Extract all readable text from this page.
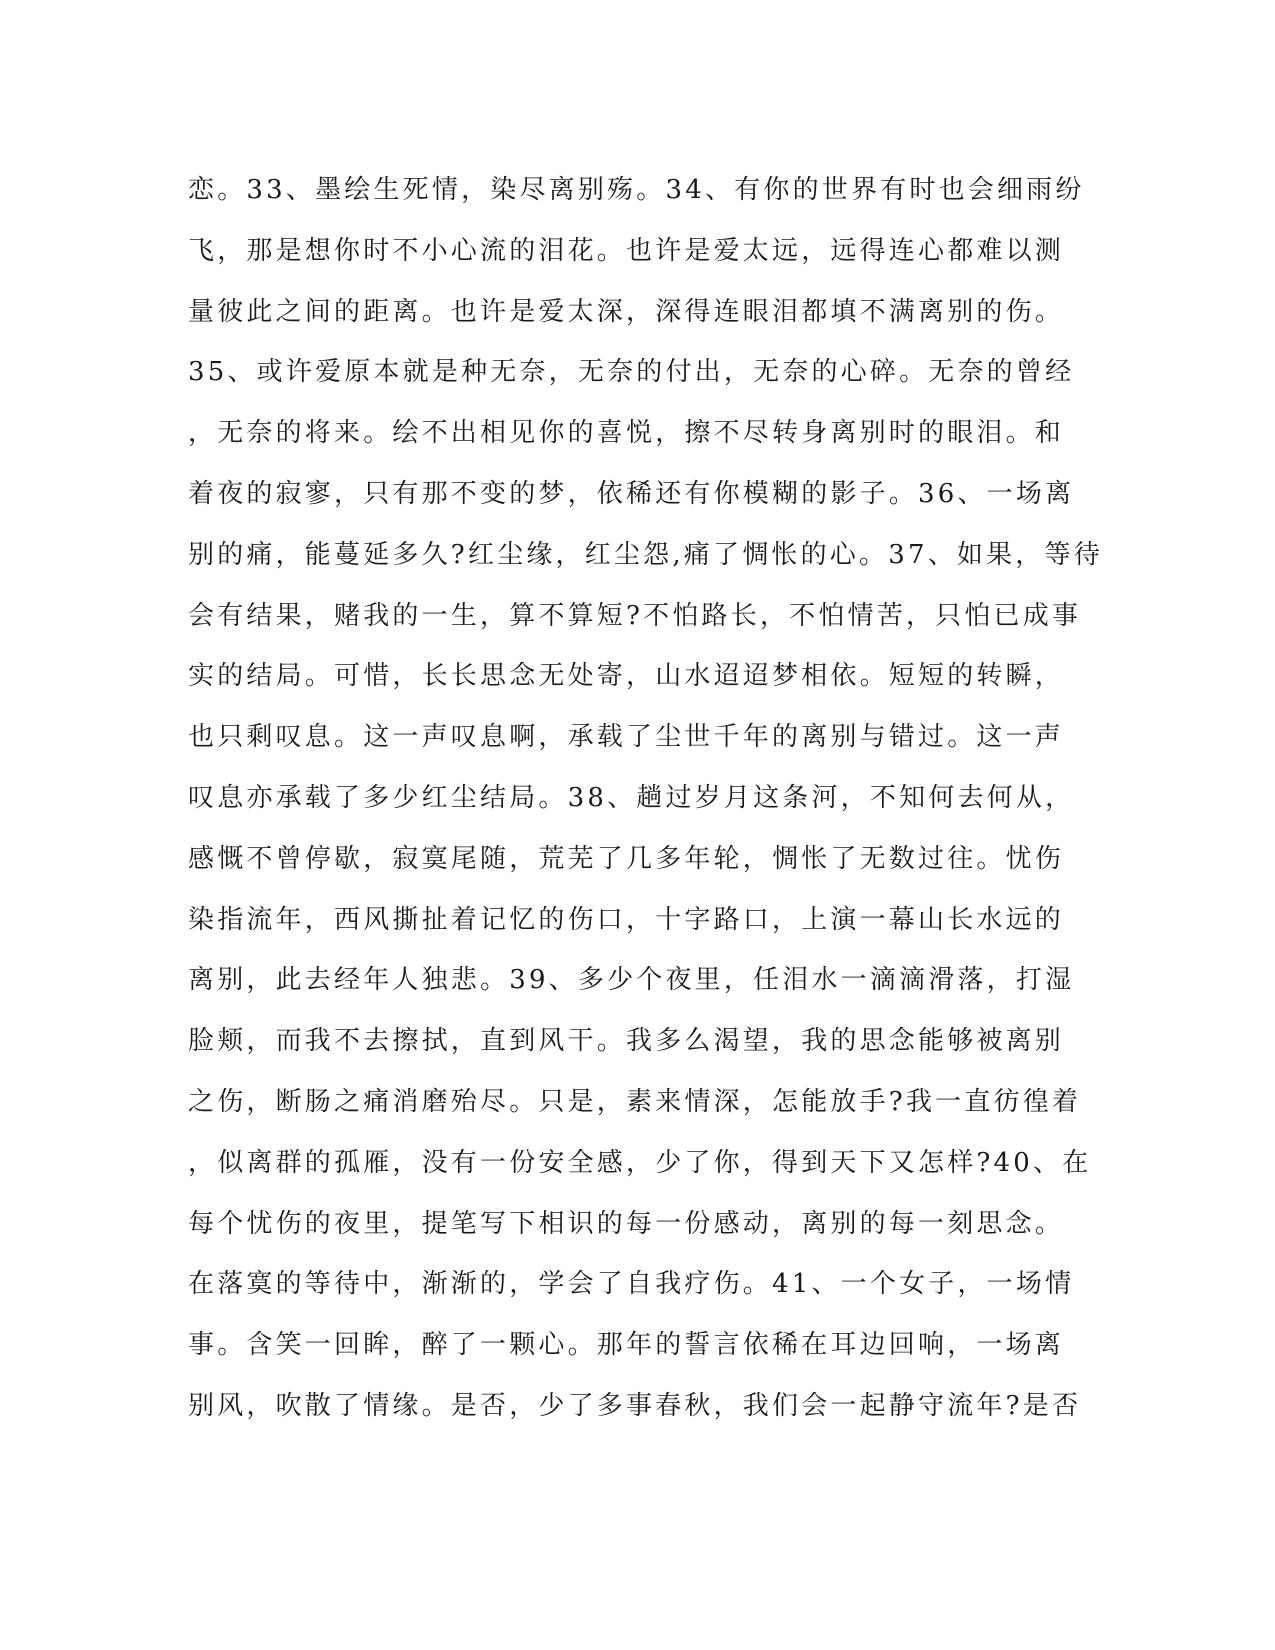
恋。33、墨绘生死情，染尽离别殇。34、有你的世界有时也会细雨纷
飞，那是想你时不小心流的泪花。也许是爱太远，远得连心都难以测
量彼此之间的距离。也许是爱太深，深得连眼泪都填不满离别的伤。
35、或许爱原本就是种无奈，无奈的付出，无奈的心碎。无奈的曾经
，无奈的将来。绘不出相见你的喜悦，擦不尽转身离别时的眼泪。和
着夜的寂寥，只有那不变的梦，依稀还有你模糊的影子。36、一场离
别的痛，能蔓延多久?红尘缘，红尘怨,痛了惆怅的心。37、如果，等待
会有结果，赌我的一生，算不算短?不怕路长，不怕情苦，只怕已成事
实的结局。可惜，长长思念无处寄，山水迢迢梦相依。短短的转瞬，
也只剩叹息。这一声叹息啊，承载了尘世千年的离别与错过。这一声
叹息亦承载了多少红尘结局。38、趟过岁月这条河，不知何去何从，
感慨不曾停歇，寂寞尾随，荒芜了几多年轮，惆怅了无数过往。忧伤
染指流年，西风撕扯着记忆的伤口，十字路口，上演一幕山长水远的
离别，此去经年人独悲。39、多少个夜里，任泪水一滴滴滑落，打湿
脸颊，而我不去擦拭，直到风干。我多么渴望，我的思念能够被离别
之伤，断肠之痛消磨殆尽。只是，素来情深，怎能放手?我一直彷徨着
，似离群的孤雁，没有一份安全感，少了你，得到天下又怎样?40、在
每个忧伤的夜里，提笔写下相识的每一份感动，离别的每一刻思念。
在落寞的等待中，渐渐的，学会了自我疗伤。41、一个女子，一场情
事。含笑一回眸，醉了一颗心。那年的誓言依稀在耳边回响，一场离
别风，吹散了情缘。是否，少了多事春秋，我们会一起静守流年?是否
